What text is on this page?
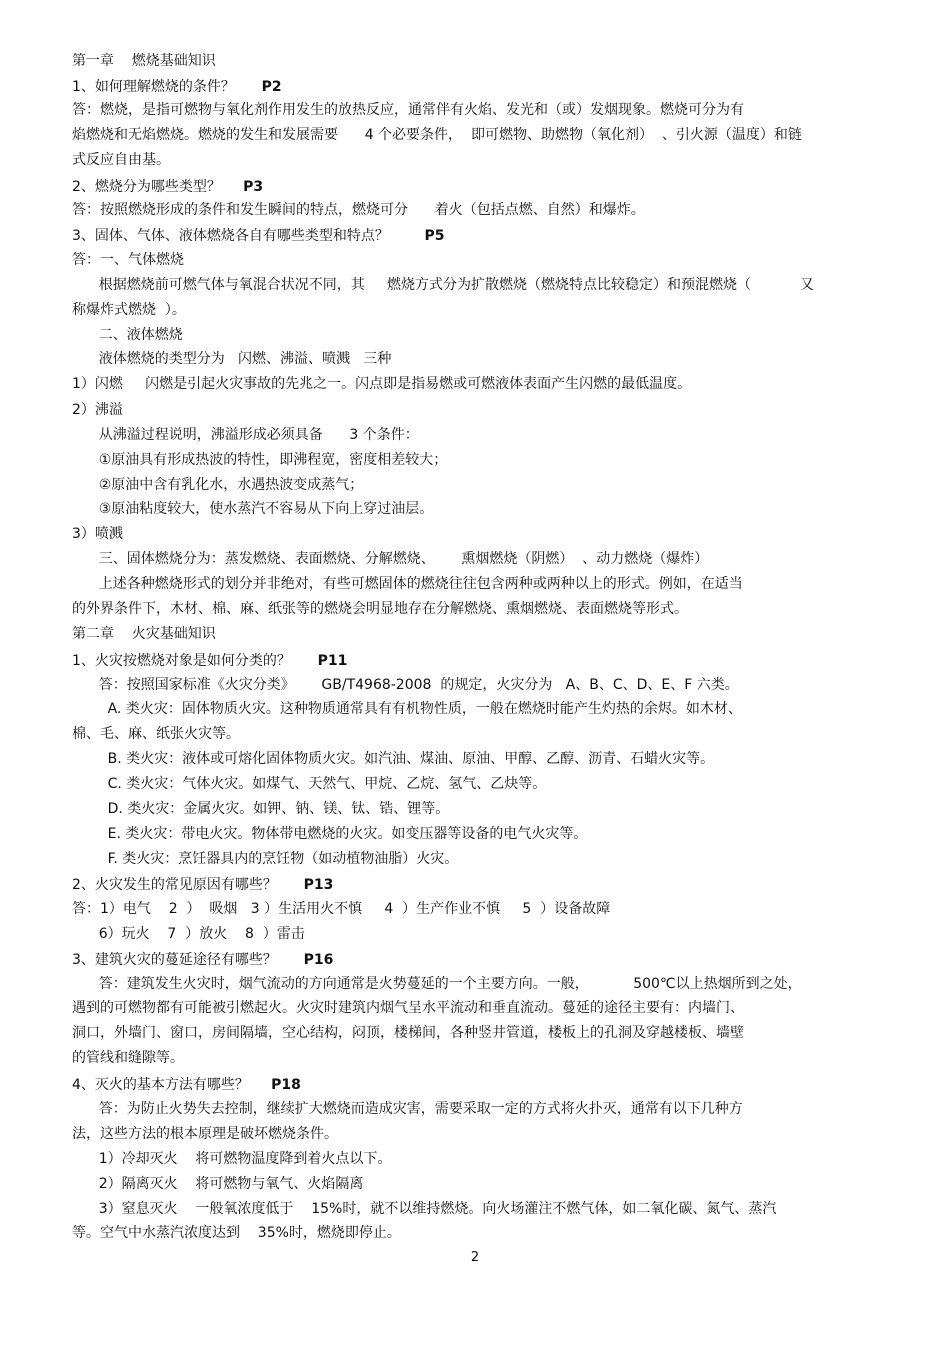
第一章    燃烧基础知识
1、如何理解燃烧的条件？      P2
答：燃烧，是指可燃物与氧化剂作用发生的放热反应，通常伴有火焰、发光和（或）发烟现象。燃烧可分为有
焰燃烧和无焰燃烧。燃烧的发生和发展需要      4 个必要条件，  即可燃物、助燃物（氧化剂）  、引火源（温度）和链
式反应自由基。
2、燃烧分为哪些类型？     P3
答：按照燃烧形成的条件和发生瞬间的特点，燃烧可分      着火（包括点燃、自然）和爆炸。
3、固体、气体、液体燃烧各自有哪些类型和特点？        P5
答：一、气体燃烧
根据燃烧前可燃气体与氧混合状况不同，其     燃烧方式分为扩散燃烧（燃烧特点比较稳定）和预混燃烧（           又
称爆炸式燃烧  ）。
二、液体燃烧
液体燃烧的类型分为   闪燃、沸溢、喷溅   三种
1）闪燃     闪燃是引起火灾事故的先兆之一。闪点即是指易燃或可燃液体表面产生闪燃的最低温度。
2）沸溢
从沸溢过程说明，沸溢形成必须具备      3 个条件：
①原油具有形成热波的特性，即沸程宽，密度相差较大；
②原油中含有乳化水，水遇热波变成蒸气；
③原油粘度较大，使水蒸汽不容易从下向上穿过油层。
3）喷溅
三、固体燃烧分为：蒸发燃烧、表面燃烧、分解燃烧、      熏烟燃烧（阴燃）  、动力燃烧（爆炸）
上述各种燃烧形式的划分并非绝对，有些可燃固体的燃烧往往包含两种或两种以上的形式。例如，在适当
的外界条件下，木材、棉、麻、纸张等的燃烧会明显地存在分解燃烧、熏烟燃烧、表面燃烧等形式。
第二章    火灾基础知识
1、火灾按燃烧对象是如何分类的？      P11
答：按照国家标准《火灾分类》      GB/T4968-2008  的规定，火灾分为   A、B、C、D、E、F 六类。
A. 类火灾：固体物质火灾。这种物质通常具有有机物性质，一般在燃烧时能产生灼热的余烬。如木材、
棉、毛、麻、纸张火灾等。
B. 类火灾：液体或可熔化固体物质火灾。如汽油、煤油、原油、甲醇、乙醇、沥青、石蜡火灾等。
C. 类火灾：气体火灾。如煤气、天然气、甲烷、乙烷、氢气、乙炔等。
D. 类火灾：金属火灾。如钾、钠、镁、钛、锆、锂等。
E. 类火灾：带电火灾。物体带电燃烧的火灾。如变压器等设备的电气火灾等。
F. 类火灾：烹饪器具内的烹饪物（如动植物油脂）火灾。
2、火灾发生的常见原因有哪些？      P13
答：1）电气    2  ）  吸烟   3 ）生活用火不慎     4  ）生产作业不慎     5  ）设备故障
6）玩火    7  ）放火    8  ）雷击
3、建筑火灾的蔓延途径有哪些？      P16
答：建筑发生火灾时，烟气流动的方向通常是火势蔓延的一个主要方向。一般，          500℃以上热烟所到之处，
遇到的可燃物都有可能被引燃起火。火灾时建筑内烟气呈水平流动和垂直流动。蔓延的途径主要有：内墙门、
洞口，外墙门、窗口，房间隔墙，空心结构，闷顶，楼梯间，各种竖井管道，楼板上的孔洞及穿越楼板、墙壁
的管线和缝隙等。
4、灭火的基本方法有哪些？     P18
答：为防止火势失去控制，继续扩大燃烧而造成灾害，需要采取一定的方式将火扑灭，通常有以下几种方
法，这些方法的根本原理是破坏燃烧条件。
1）冷却灭火    将可燃物温度降到着火点以下。
2）隔离灭火    将可燃物与氧气、火焰隔离
3）窒息灭火    一般氧浓度低于    15%时，就不以维持燃烧。向火场灌注不燃气体，如二氧化碳、氮气、蒸汽
等。空气中水蒸汽浓度达到    35%时，燃烧即停止。
2
